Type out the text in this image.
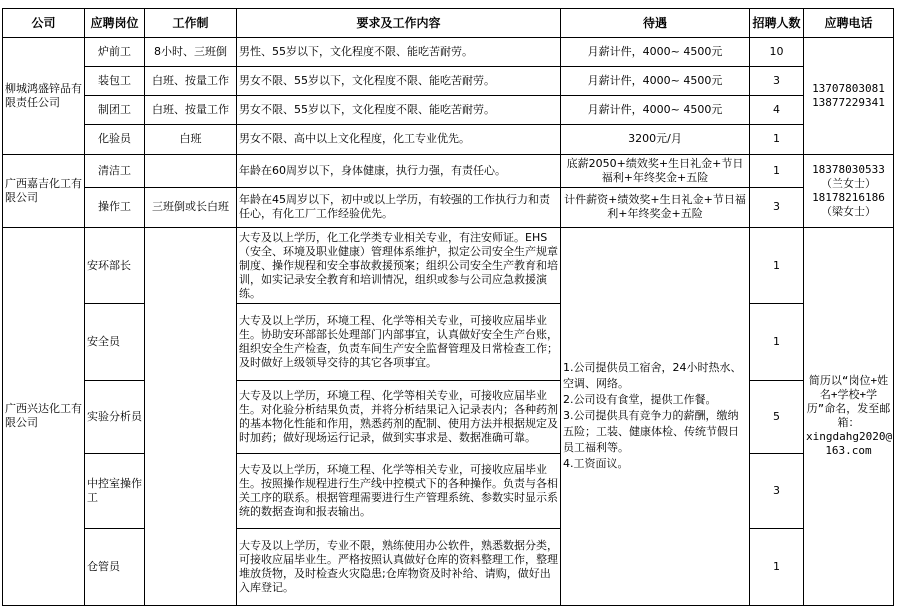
公司	应聘岗位	工作制	要求及工作内容	待遇	招聘人数	应聘电话
柳城鸿盛锌品有限责任公司	炉前工	8小时、三班倒	男性、55岁以下，文化程度不限、能吃苦耐劳。	月薪计件，4000~ 4500元	10	13707803081
13877229341
	装包工	白班、按量工作	男女不限、55岁以下，文化程度不限、能吃苦耐劳。	月薪计件，4000~ 4500元	3	
	制团工	白班、按量工作	男女不限、55岁以下，文化程度不限、能吃苦耐劳。	月薪计件，4000~ 4500元	4	
	化验员	白班	男女不限、高中以上文化程度，化工专业优先。	3200元/月	1	
广西嘉吉化工有限公司	清洁工		年龄在60周岁以下，身体健康，执行力强，有责任心。	底薪2050+绩效奖+生日礼金+节日福利+年终奖金+五险	1	18378030533
（兰女士）
18178216186
（梁女士）
	操作工	三班倒或长白班	年龄在45周岁以下，初中或以上学历，有较强的工作执行力和责任心，有化工厂工作经验优先。	计件薪资+绩效奖+生日礼金+节日福利+年终奖金+五险	3	
广西兴达化工有限公司	安环部长		大专及以上学历，化工化学类专业相关专业，有注安师证。EHS（安全、环境及职业健康）管理体系维护，拟定公司安全生产规章制度、操作规程和安全事故救援预案；组织公司安全生产教育和培训，如实记录安全教育和培训情况，组织或参与公司应急救援演练。	1.公司提供员工宿舍，24小时热水、空调、网络。
2.公司设有食堂，提供工作餐。
3.公司提供具有竞争力的薪酬，缴纳五险；工装、健康体检、传统节假日员工福利等。
4.工资面议。	1	简历以“岗位+姓名+学校+学历”命名，发至邮箱：
xingdahg2020@
163.com
	安全员		大专及以上学历，环境工程、化学等相关专业，可接收应届毕业生。协助安环部部长处理部门内部事宜，认真做好安全生产台账，组织安全生产检查，负责车间生产安全监督管理及日常检查工作；及时做好上级领导交待的其它各项事宜。		1	
	实验分析员		大专及以上学历，环境工程、化学等相关专业，可接收应届毕业生。对化验分析结果负责，并将分析结果记入记录表内；各种药剂的基本物化性能和作用，熟悉药剂的配制、使用方法并根据规定及时加药；做好现场运行记录，做到实事求是、数据准确可靠。		5	
	中控室操作工		大专及以上学历，环境工程、化学等相关专业，可接收应届毕业生。按照操作规程进行生产线中控模式下的各种操作。负责与各相关工序的联系。根据管理需要进行生产管理系统、参数实时显示系统的数据查询和报表输出。		3	
	仓管员		大专及以上学历，专业不限，熟练使用办公软件，熟悉数据分类，可接收应届毕业生。严格按照认真做好仓库的资料整理工作，整理堆放货物，及时检查火灾隐患;仓库物资及时补给、请购，做好出入库登记。		1	
